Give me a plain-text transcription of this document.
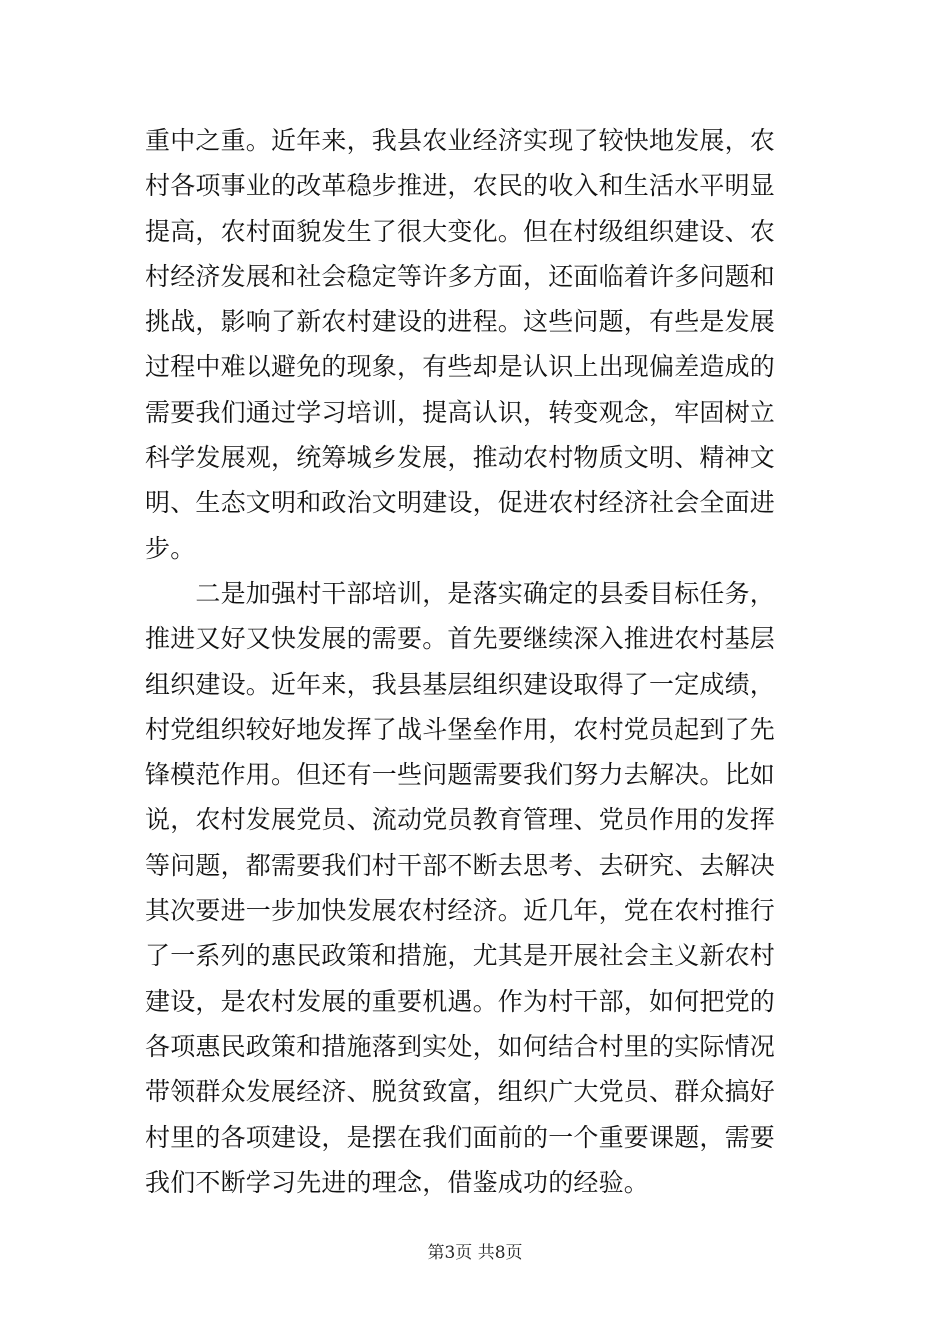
重中之重。近年来，我县农业经济实现了较快地发展，农
村各项事业的改革稳步推进，农民的收入和生活水平明显
提高，农村面貌发生了很大变化。但在村级组织建设、农
村经济发展和社会稳定等许多方面，还面临着许多问题和
挑战，影响了新农村建设的进程。这些问题，有些是发展
过程中难以避免的现象，有些却是认识上出现偏差造成的
需要我们通过学习培训，提高认识，转变观念，牢固树立
科学发展观，统筹城乡发展，推动农村物质文明、精神文
明、生态文明和政治文明建设，促进农村经济社会全面进
步。
　　二是加强村干部培训，是落实确定的县委目标任务，
推进又好又快发展的需要。首先要继续深入推进农村基层
组织建设。近年来，我县基层组织建设取得了一定成绩，
村党组织较好地发挥了战斗堡垒作用，农村党员起到了先
锋模范作用。但还有一些问题需要我们努力去解决。比如
说，农村发展党员、流动党员教育管理、党员作用的发挥
等问题，都需要我们村干部不断去思考、去研究、去解决
其次要进一步加快发展农村经济。近几年，党在农村推行
了一系列的惠民政策和措施，尤其是开展社会主义新农村
建设，是农村发展的重要机遇。作为村干部，如何把党的
各项惠民政策和措施落到实处，如何结合村里的实际情况
带领群众发展经济、脱贫致富，组织广大党员、群众搞好
村里的各项建设，是摆在我们面前的一个重要课题，需要
我们不断学习先进的理念，借鉴成功的经验。
第3页 共8页
